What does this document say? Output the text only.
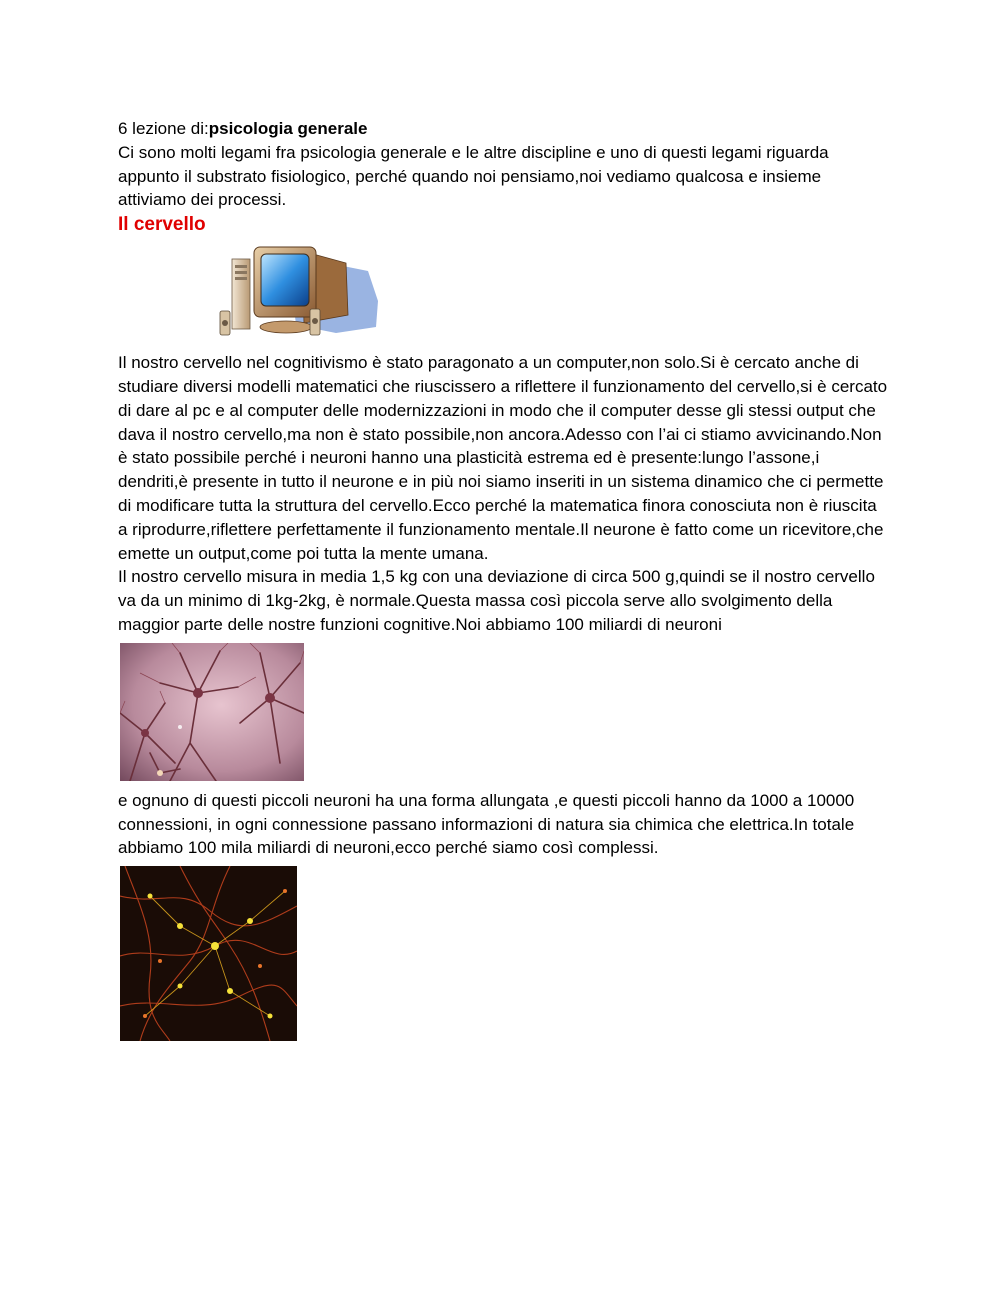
6 lezione di:psicologia generale

Ci sono molti legami fra psicologia generale e le altre discipline e uno di questi legami riguarda appunto il substrato fisiologico, perché quando noi pensiamo,noi vediamo qualcosa e insieme attiviamo dei processi.

Il cervello

Il nostro cervello nel cognitivismo è stato paragonato a un computer,non solo.Si è cercato anche di studiare diversi modelli matematici che riuscissero a riflettere il funzionamento del cervello,si è cercato di dare al pc e al computer delle modernizzazioni in modo che il computer desse gli stessi output che dava il nostro cervello,ma non è stato possibile,non ancora.Adesso con l’ai ci stiamo avvicinando.Non è stato possibile perché i neuroni hanno una plasticità estrema ed è presente:lungo l’assone,i dendriti,è presente in tutto il neurone e in più noi siamo inseriti in un sistema dinamico che ci permette di modificare tutta la struttura del cervello.Ecco perché la matematica finora conosciuta non è riuscita a riprodurre,riflettere perfettamente il funzionamento mentale.Il neurone è fatto come un ricevitore,che emette un output,come poi tutta la mente umana.

Il nostro cervello misura in media 1,5 kg con una deviazione di circa 500 g,quindi se il nostro cervello va da un minimo di 1kg-2kg, è normale.Questa massa così piccola serve allo svolgimento della maggior parte delle nostre funzioni cognitive.Noi abbiamo 100 miliardi di neuroni

e ognuno di questi piccoli neuroni ha una forma allungata ,e questi piccoli hanno da 1000 a 10000 connessioni, in ogni connessione passano informazioni di natura sia chimica che elettrica.In totale abbiamo 100 mila miliardi di neuroni,ecco perché siamo così complessi.
